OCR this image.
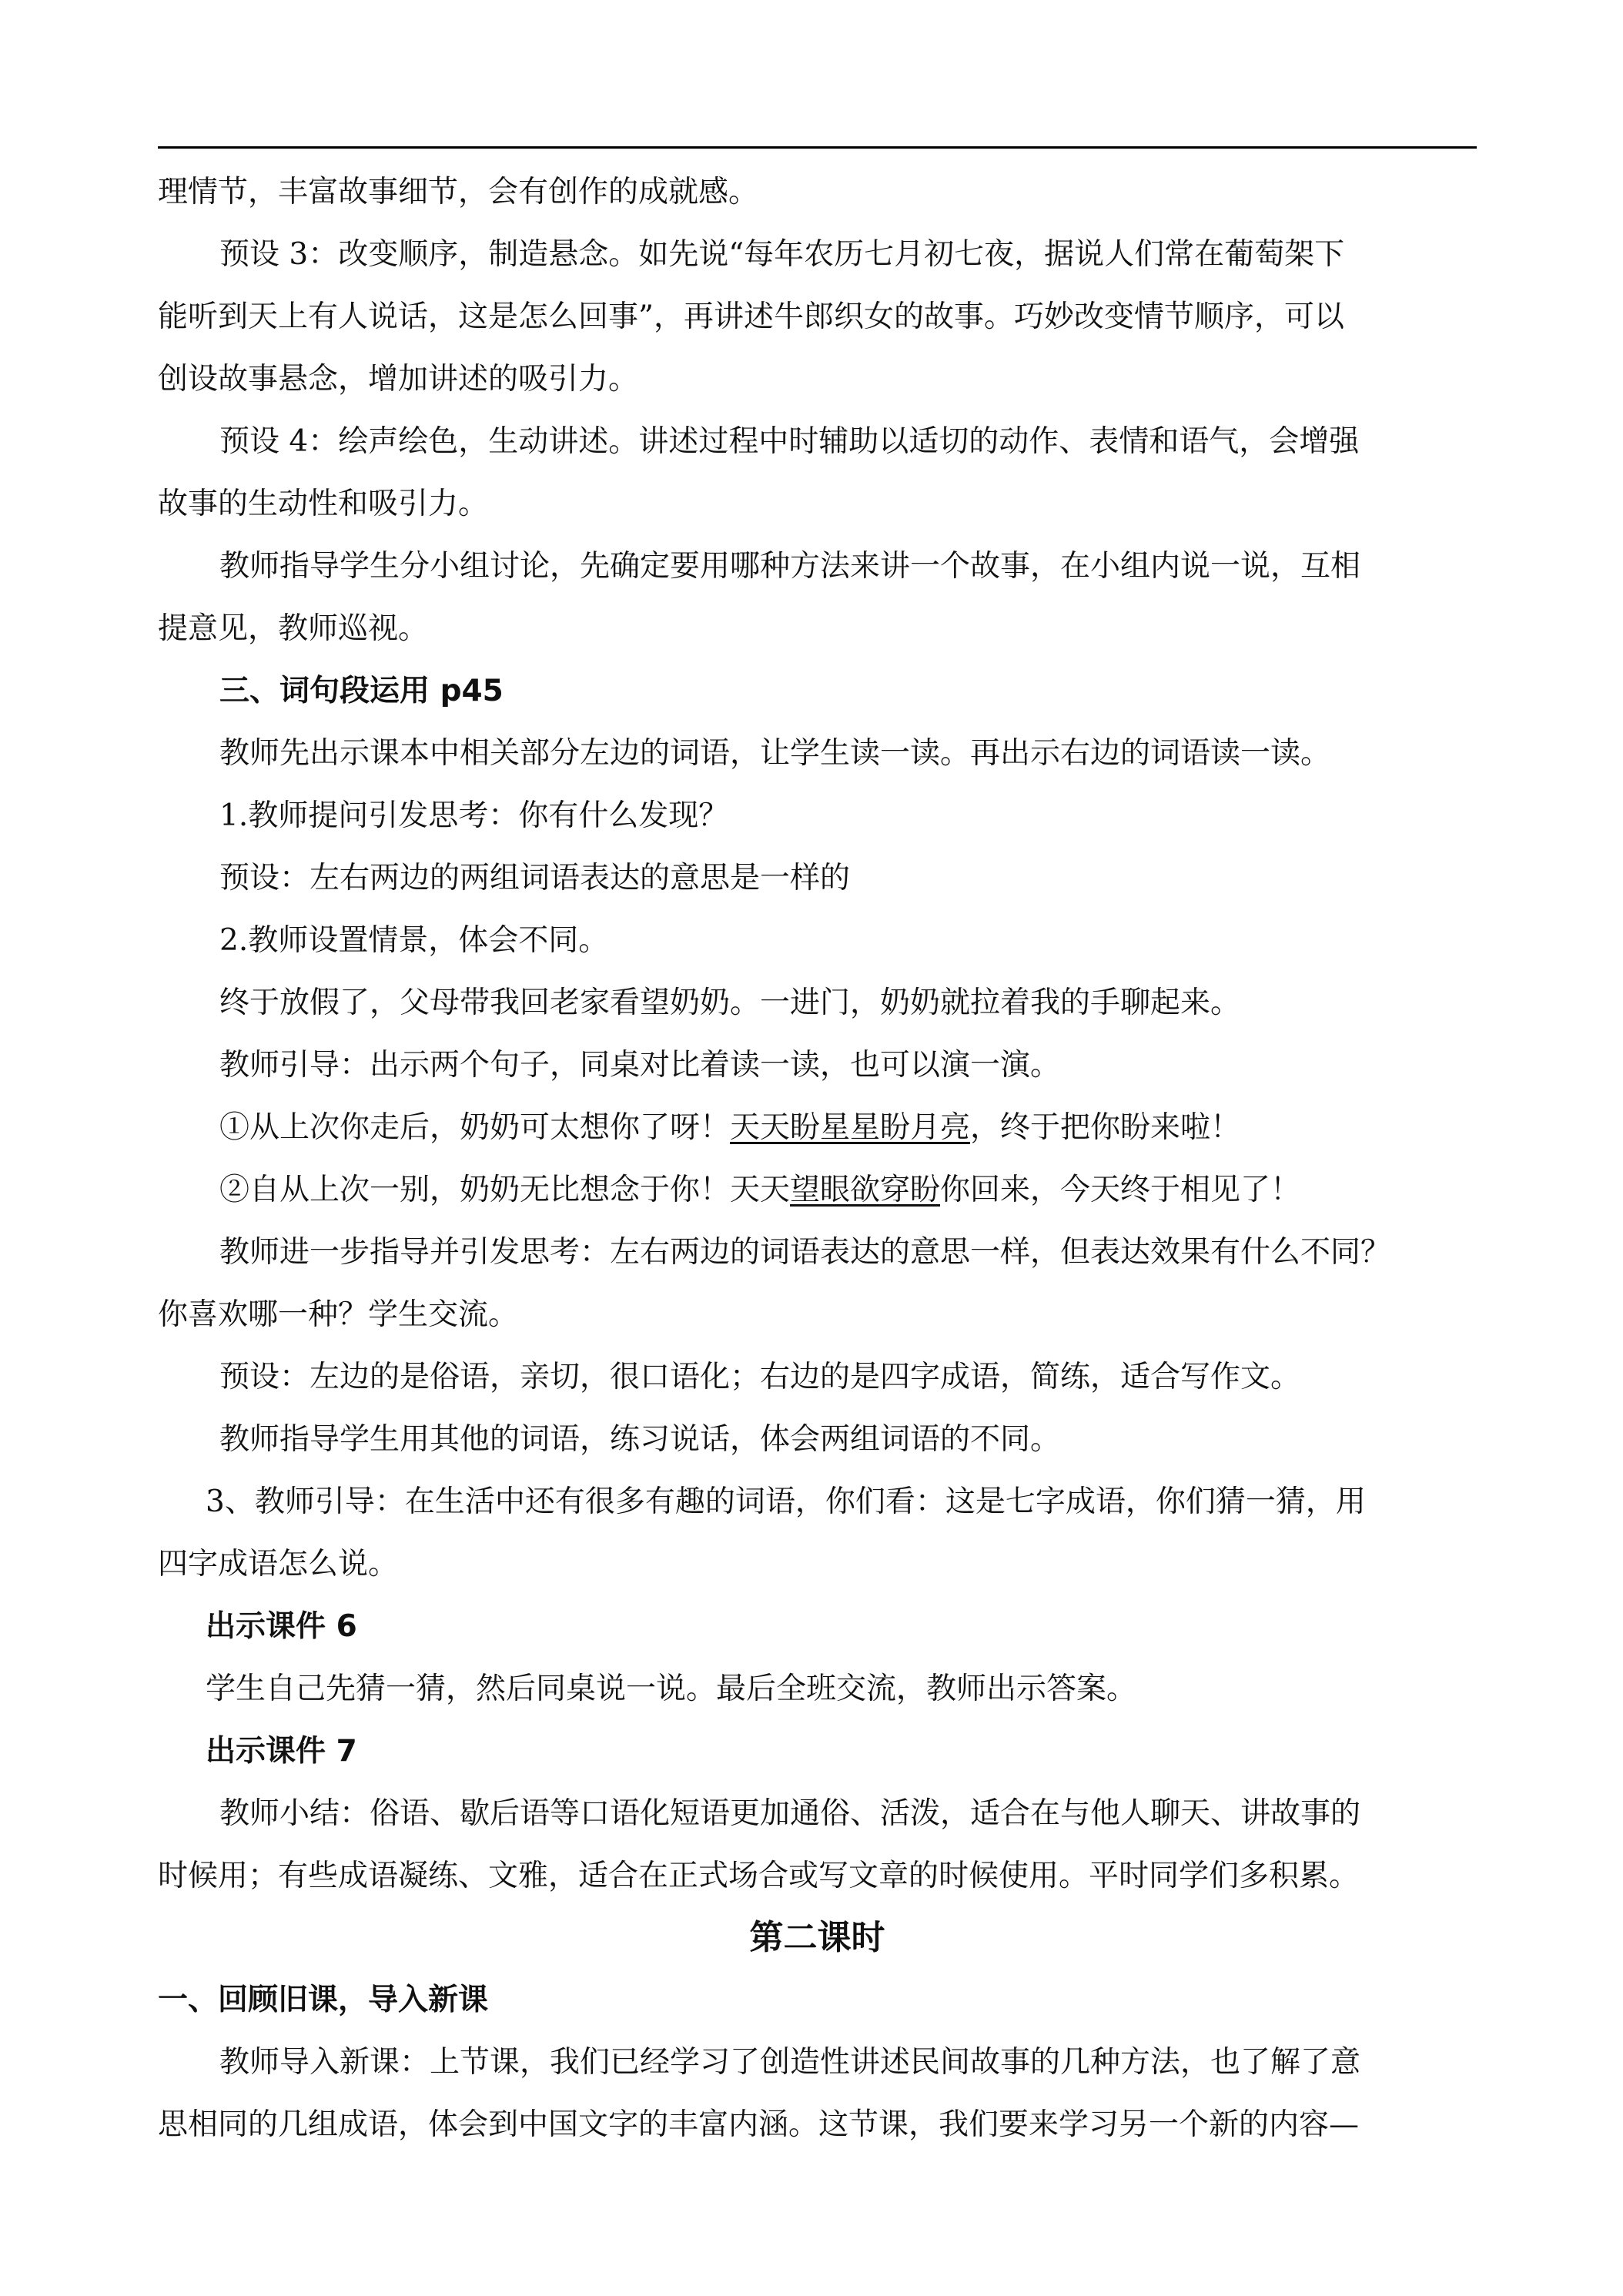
理情节，丰富故事细节，会有创作的成就感。

预设 3：改变顺序，制造悬念。如先说“每年农历七月初七夜，据说人们常在葡萄架下

能听到天上有人说话，这是怎么回事”，再讲述牛郎织女的故事。巧妙改变情节顺序，可以

创设故事悬念，增加讲述的吸引力。

预设 4：绘声绘色，生动讲述。讲述过程中时辅助以适切的动作、表情和语气，会增强

故事的生动性和吸引力。

教师指导学生分小组讨论，先确定要用哪种方法来讲一个故事，在小组内说一说，互相

提意见，教师巡视。

三、词句段运用 p45

教师先出示课本中相关部分左边的词语，让学生读一读。再出示右边的词语读一读。

1.教师提问引发思考：你有什么发现？

预设：左右两边的两组词语表达的意思是一样的

2.教师设置情景，体会不同。

终于放假了，父母带我回老家看望奶奶。一进门，奶奶就拉着我的手聊起来。

教师引导：出示两个句子，同桌对比着读一读，也可以演一演。

①从上次你走后，奶奶可太想你了呀！天天盼星星盼月亮，终于把你盼来啦！

②自从上次一别，奶奶无比想念于你！天天望眼欲穿盼你回来，今天终于相见了！

教师进一步指导并引发思考：左右两边的词语表达的意思一样，但表达效果有什么不同？

你喜欢哪一种？学生交流。

预设：左边的是俗语，亲切，很口语化；右边的是四字成语，简练，适合写作文。

教师指导学生用其他的词语，练习说话，体会两组词语的不同。

3、教师引导：在生活中还有很多有趣的词语，你们看：这是七字成语，你们猜一猜，用

四字成语怎么说。

出示课件 6

学生自己先猜一猜，然后同桌说一说。最后全班交流，教师出示答案。

出示课件 7

教师小结：俗语、歇后语等口语化短语更加通俗、活泼，适合在与他人聊天、讲故事的

时候用；有些成语凝练、文雅，适合在正式场合或写文章的时候使用。平时同学们多积累。

第二课时

一、回顾旧课，导入新课

教师导入新课：上节课，我们已经学习了创造性讲述民间故事的几种方法，也了解了意

思相同的几组成语，体会到中国文字的丰富内涵。这节课，我们要来学习另一个新的内容—
